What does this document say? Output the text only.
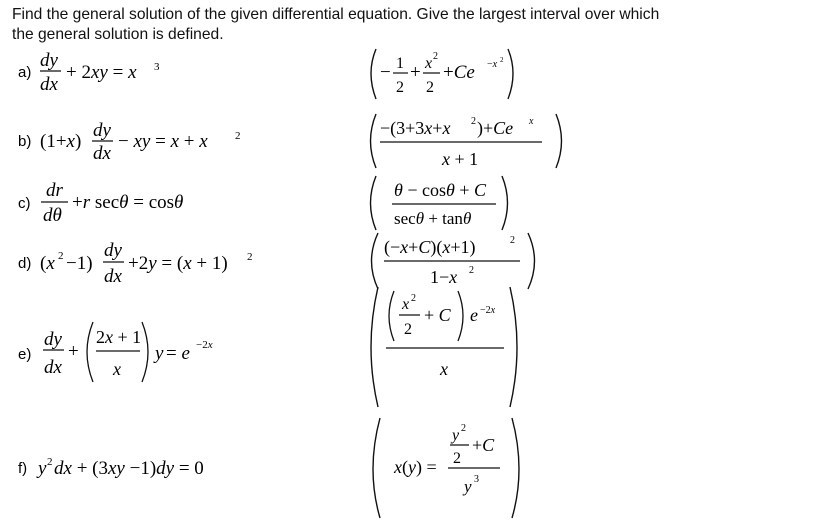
Find the general solution of the given differential equation. Give the largest interval over which
the general solution is defined.
a)
dy
dx
+ 2xy = x 3	− 1
2
+ x 2
2
+Ce −x 2
b) (1+x)
dy
dx
− xy = x + x 2	−(3+3x+x 2 )+Ce x
x + 1
c)
dr
dθ
+r secθ = cosθ
θ − cosθ + C
secθ + tanθ
d) (x 2 −1)
dy
dx
+2y = (x + 1) 2	(−x+C)(x+1)	2
1−x 2
e)
dy
dx
+
2x + 1
x
y = e −2x
x 2
2
+ C e −2x
x
f) y 2 dx + (3xy −1)dy = 0	x(y) =
y 2
2
+C
y 3
